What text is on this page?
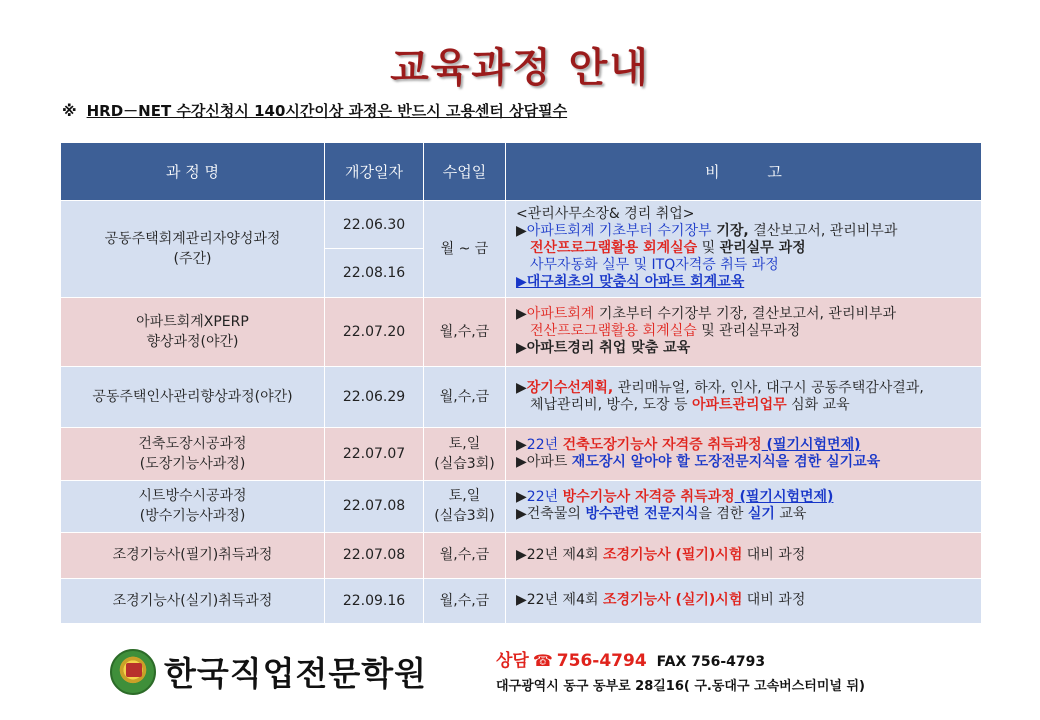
교육과정 안내
※ HRD－NET 수강신청시 140시간이상 과정은 반드시 고용센터 상담필수
과 정 명	개강일자	수업일	비          고
공동주택회계관리자양성과정
(주간)	22.06.30	월 ~ 금	<관리사무소장& 경리 취업>
▶아파트회계 기초부터 수기장부 기장, 결산보고서, 관리비부과
전산프로그램활용 회계실습 및 관리실무 과정
사무자동화 실무 및 ITQ자격증 취득 과정
▶대구최초의 맞춤식 아파트 회계교육

	22.08.16		
아파트회계XPERP
향상과정(야간)	22.07.20	월,수,금	▶아파트회계 기초부터 수기장부 기장, 결산보고서, 관리비부과
전산프로그램활용 회계실습 및 관리실무과정
▶아파트경리 취업 맞춤 교육

공동주택인사관리향상과정(야간)	22.06.29	월,수,금	▶장기수선계획, 관리매뉴얼, 하자, 인사, 대구시 공동주택감사결과,
체납관리비, 방수, 도장 등 아파트관리업무 심화 교육

건축도장시공과정
(도장기능사과정)	22.07.07	토,일
(실습3회)	▶22년 건축도장기능사 자격증 취득과정 (필기시험면제)
▶아파트 재도장시 알아야 할 도장전문지식을 겸한 실기교육

시트방수시공과정
(방수기능사과정)	22.07.08	토,일
(실습3회)	▶22년 방수기능사 자격증 취득과정 (필기시험면제)
▶건축물의 방수관련 전문지식을 겸한 실기 교육

조경기능사(필기)취득과정	22.07.08	월,수,금	▶22년 제4회 조경기능사 (필기)시험 대비 과정

조경기능사(실기)취득과정	22.09.16	월,수,금	▶22년 제4회 조경기능사 (실기)시험 대비 과정
한국직업전문학원	상담 ☎ 756-4794 FAX 756-4793
대구광역시 동구 동부로 28길16( 구.동대구 고속버스터미널 뒤)
